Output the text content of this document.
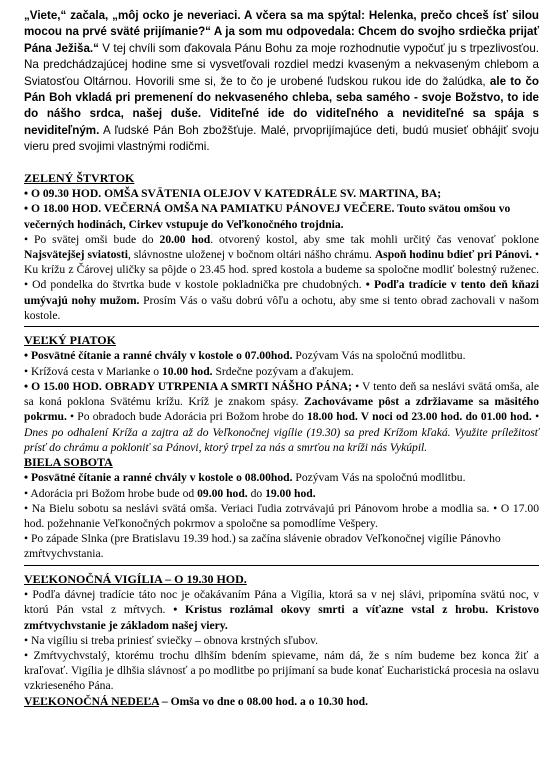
„Viete,“ začala, „môj ocko je neveriaci. A včera sa ma spýtal: Helenka, prečo chceš ísť silou mocou na prvé sväté prijímanie?“ A ja som mu odpovedala: Chcem do svojho srdiečka prijať Pána Ježiša.“ V tej chvíli som ďakovala Pánu Bohu za moje rozhodnutie vypočuť ju s trpezlivosťou. Na predchádzajúcej hodine sme si vysvetľovali rozdiel medzi kvaseným a nekvaseným chlebom a Sviatosťou Oltárnou. Hovorili sme si, že to čo je urobené ľudskou rukou ide do žalúdka, ale to čo Pán Boh vkladá pri premenení do nekvaseného chleba, seba samého - svoje Božstvo, to ide do nášho srdca, našej duše. Viditeľné ide do viditeľného a neviditeľné sa spája s neviditeľným. A ľudské Pán Boh zbožšťuje. Malé, prvoprijímajúce deti, budú musieť obhájiť svoju vieru pred svojimi vlastnými rodičmi.

ZELENÝ ŠTVRTOK

• O 09.30 HOD. OMŠA SVÄTENIA OLEJOV V KATEDRÁLE SV. MARTINA, BA;

• O 18.00 HOD. VEČERNÁ OMŠA NA PAMIATKU PÁNOVEJ VEČERE. Touto svätou omšou vo večerných hodinách, Cirkev vstupuje do Veľkonočného trojdnia.

• Po svätej omši bude do 20.00 hod. otvorený kostol, aby sme tak mohli určitý čas venovať poklone Najsvätejšej sviatosti, slávnostne uloženej v bočnom oltári nášho chrámu. Aspoň hodinu bdieť pri Pánovi. • Ku krížu z Čárovej uličky sa pôjde o 23.45 hod. spred kostola a budeme sa spoločne modliť bolestný ruženec. • Od pondelka do štvrtka bude v kostole pokladnička pre chudobných. • Podľa tradície v tento deň kňazi umývajú nohy mužom. Prosím Vás o vašu dobrú vôľu a ochotu, aby sme si tento obrad zachovali v našom kostole.

VEĽKÝ PIATOK

• Posvätné čítanie a ranné chvály v kostole o 07.00hod. Pozývam Vás na spoločnú modlitbu.

• Krížová cesta v Marianke o 10.00 hod. Srdečne pozývam a ďakujem.

• O 15.00 HOD. OBRADY UTRPENIA A SMRTI NÁŠHO PÁNA; • V tento deň sa neslávi svätá omša, ale sa koná poklona Svätému krížu. Kríž je znakom spásy. Zachovávame pôst a zdržiavame sa mäsitého pokrmu. • Po obradoch bude Adorácia pri Božom hrobe do 18.00 hod. V noci od 23.00 hod. do 01.00 hod. • Dnes po odhalení Kríža a zajtra až do Veľkonočnej vigílie (19.30) sa pred Krížom kľaká. Využite príležitosť prísť do chrámu a pokloniť sa Pánovi, ktorý trpel za nás a smrťou na kríži nás Vykúpil.

BIELA SOBOTA

• Posvätné čítanie a ranné chvály v kostole o 08.00hod. Pozývam Vás na spoločnú modlitbu.

• Adorácia pri Božom hrobe bude od 09.00 hod. do 19.00 hod.

• Na Bielu sobotu sa neslávi svätá omša. Veriaci ľudia zotrvávajú pri Pánovom hrobe a modlia sa. • O 17.00 hod. požehnanie Veľkonočných pokrmov a spoločne sa pomodlíme Vešpery.

• Po západe Slnka (pre Bratislavu 19.39 hod.) sa začína slávenie obradov Veľkonočnej vigílie Pánovho zmŕtvychvstania.

VEĽKONOČNÁ VIGÍLIA – O 19.30 HOD.

• Podľa dávnej tradície táto noc je očakávaním Pána a Vigília, ktorá sa v nej slávi, pripomína svätú noc, v ktorú Pán vstal z mŕtvych. • Kristus rozlámal okovy smrti a víťazne vstal z hrobu. Kristovo zmŕtvychvstanie je základom našej viery.

• Na vigíliu si treba priniesť sviečky – obnova krstných sľubov.

• Zmŕtvychvstalý, ktorému trochu dlhším bdením spievame, nám dá, že s ním budeme bez konca žiť a kraľovať. Vigília je dlhšia slávnosť a po modlitbe po prijímaní sa bude konať Eucharistická procesia na oslavu vzkrieseného Pána.

VEĽKONOČNÁ NEDEĽA – Omša vo dne o 08.00 hod. a o 10.30 hod.
